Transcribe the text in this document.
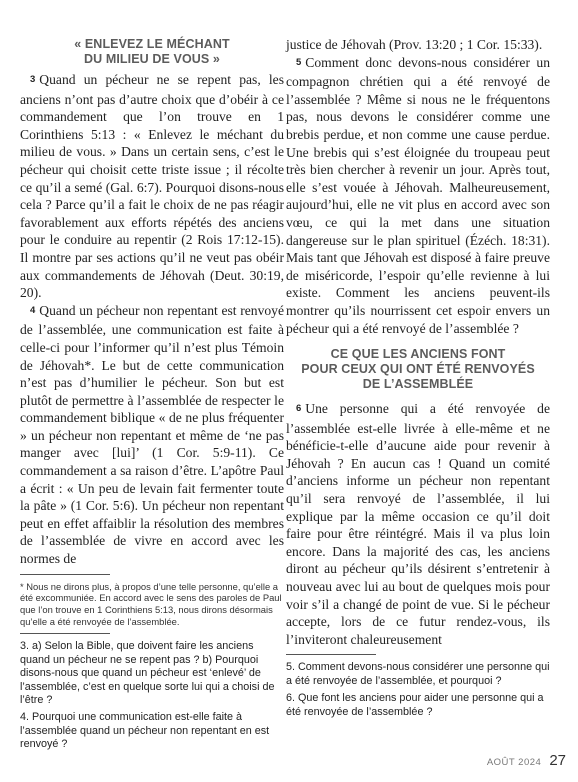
« ENLEVEZ LE MÉCHANT
DU MILIEU DE VOUS »

3 Quand un pécheur ne se repent pas, les anciens n’ont pas d’autre choix que d’obéir à ce commandement que l’on trouve en 1 Corinthiens 5:13 : « Enlevez le méchant du milieu de vous. » Dans un certain sens, c’est le pécheur qui choisit cette triste issue ; il récolte ce qu’il a semé (Gal. 6:7). Pourquoi disons-nous cela ? Parce qu’il a fait le choix de ne pas réagir favorablement aux efforts répétés des anciens pour le conduire au repentir (2 Rois 17:12-15). Il montre par ses actions qu’il ne veut pas obéir aux commandements de Jéhovah (Deut. 30:19, 20).

4 Quand un pécheur non repentant est renvoyé de l’assemblée, une communication est faite à celle-ci pour l’informer qu’il n’est plus Témoin de Jéhovah*. Le but de cette communication n’est pas d’humilier le pécheur. Son but est plutôt de permettre à l’assemblée de respecter le commandement biblique « de ne plus fréquenter » un pécheur non repentant et même de ‘ne pas manger avec [lui]’ (1 Cor. 5:9-11). Ce commandement a sa raison d’être. L’apôtre Paul a écrit : « Un peu de levain fait fermenter toute la pâte » (1 Cor. 5:6). Un pécheur non repentant peut en effet affaiblir la résolution des membres de l’assemblée de vivre en accord avec les normes de

* Nous ne dirons plus, à propos d’une telle personne, qu’elle a été excommuniée. En accord avec le sens des paroles de Paul que l’on trouve en 1 Corinthiens 5:13, nous dirons désormais qu’elle a été renvoyée de l’assemblée.

3. a) Selon la Bible, que doivent faire les anciens quand un pécheur ne se repent pas ? b) Pourquoi disons-nous que quand un pécheur est ‘enlevé’ de l’assemblée, c’est en quelque sorte lui qui a choisi de l’être ?

4. Pourquoi une communication est-elle faite à l’assemblée quand un pécheur non repentant en est renvoyé ?

justice de Jéhovah (Prov. 13:20 ; 1 Cor. 15:33).

5 Comment donc devons-nous considérer un compagnon chrétien qui a été renvoyé de l’assemblée ? Même si nous ne le fréquentons pas, nous devons le considérer comme une brebis perdue, et non comme une cause perdue. Une brebis qui s’est éloignée du troupeau peut très bien chercher à revenir un jour. Après tout, elle s’est vouée à Jéhovah. Malheureusement, aujourd’hui, elle ne vit plus en accord avec son vœu, ce qui la met dans une situation dangereuse sur le plan spirituel (Ézéch. 18:31). Mais tant que Jéhovah est disposé à faire preuve de miséricorde, l’espoir qu’elle revienne à lui existe. Comment les anciens peuvent-ils montrer qu’ils nourrissent cet espoir envers un pécheur qui a été renvoyé de l’assemblée ?

CE QUE LES ANCIENS FONT
POUR CEUX QUI ONT ÉTÉ RENVOYÉS
DE L’ASSEMBLÉE

6 Une personne qui a été renvoyée de l’assemblée est-elle livrée à elle-même et ne bénéficie-t-elle d’aucune aide pour revenir à Jéhovah ? En aucun cas ! Quand un comité d’anciens informe un pécheur non repentant qu’il sera renvoyé de l’assemblée, il lui explique par la même occasion ce qu’il doit faire pour être réintégré. Mais il va plus loin encore. Dans la majorité des cas, les anciens diront au pécheur qu’ils désirent s’entretenir à nouveau avec lui au bout de quelques mois pour voir s’il a changé de point de vue. Si le pécheur accepte, lors de ce futur rendez-vous, ils l’inviteront chaleureusement

5. Comment devons-nous considérer une personne qui a été renvoyée de l’assemblée, et pourquoi ?

6. Que font les anciens pour aider une personne qui a été renvoyée de l’assemblée ?

AOÛT 2024 27
